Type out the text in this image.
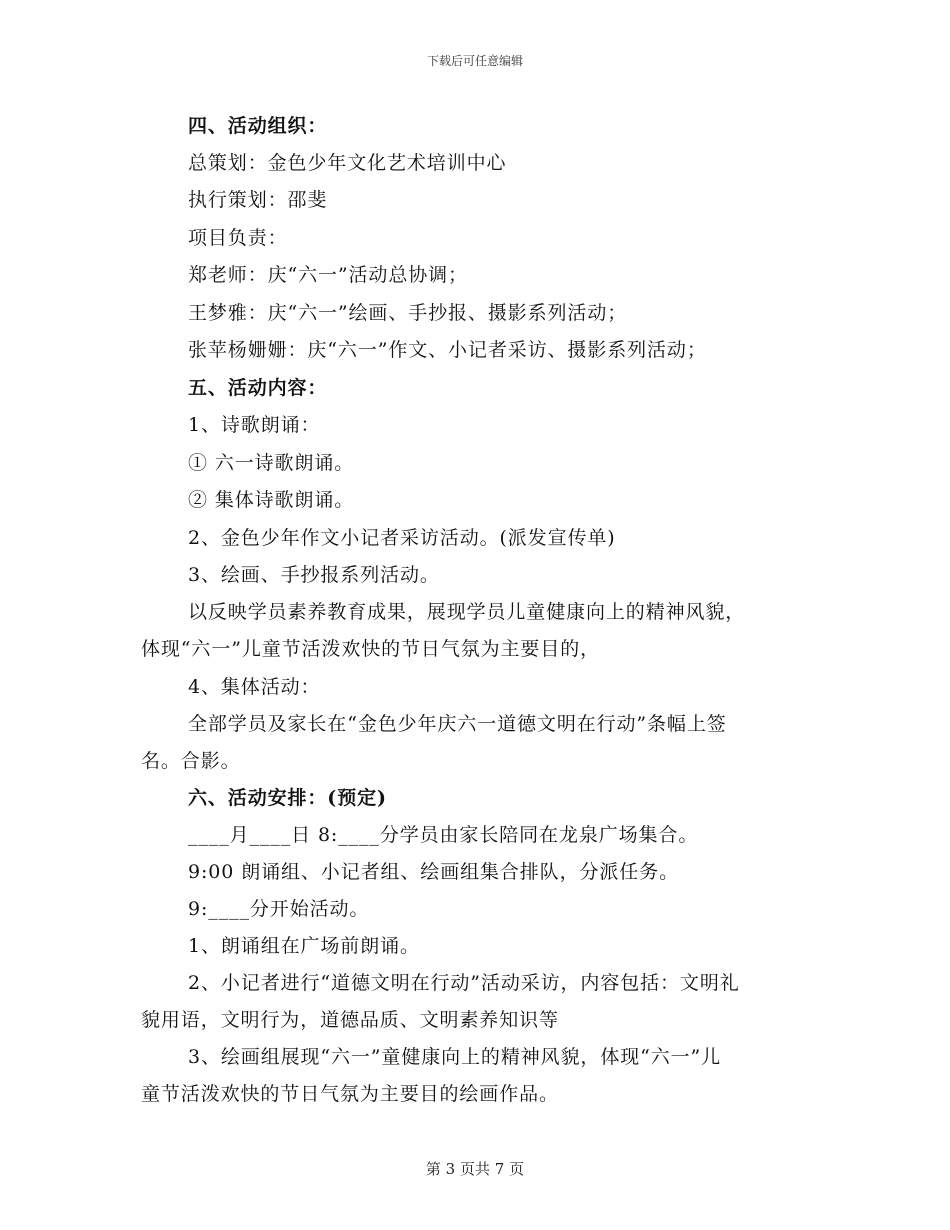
下载后可任意编辑
四、活动组织：
总策划：金色少年文化艺术培训中心
执行策划：邵斐
项目负责：
郑老师：庆“六一”活动总协调；
王梦雅：庆“六一”绘画、手抄报、摄影系列活动；
张苹杨姗姗：庆“六一”作文、小记者采访、摄影系列活动；
五、活动内容：
1、诗歌朗诵：
① 六一诗歌朗诵。
② 集体诗歌朗诵。
2、金色少年作文小记者采访活动。(派发宣传单)
3、绘画、手抄报系列活动。
以反映学员素养教育成果，展现学员儿童健康向上的精神风貌，
体现“六一”儿童节活泼欢快的节日气氛为主要目的，
4、集体活动：
全部学员及家长在“金色少年庆六一道德文明在行动”条幅上签
名。合影。
六、活动安排：(预定)
____月____日 8:____分学员由家长陪同在龙泉广场集合。
9:00 朗诵组、小记者组、绘画组集合排队，分派任务。
9:____分开始活动。
1、朗诵组在广场前朗诵。
2、小记者进行“道德文明在行动”活动采访，内容包括：文明礼
貌用语，文明行为，道德品质、文明素养知识等
3、绘画组展现“六一”童健康向上的精神风貌，体现“六一”儿
童节活泼欢快的节日气氛为主要目的绘画作品。
第 3 页共 7 页
